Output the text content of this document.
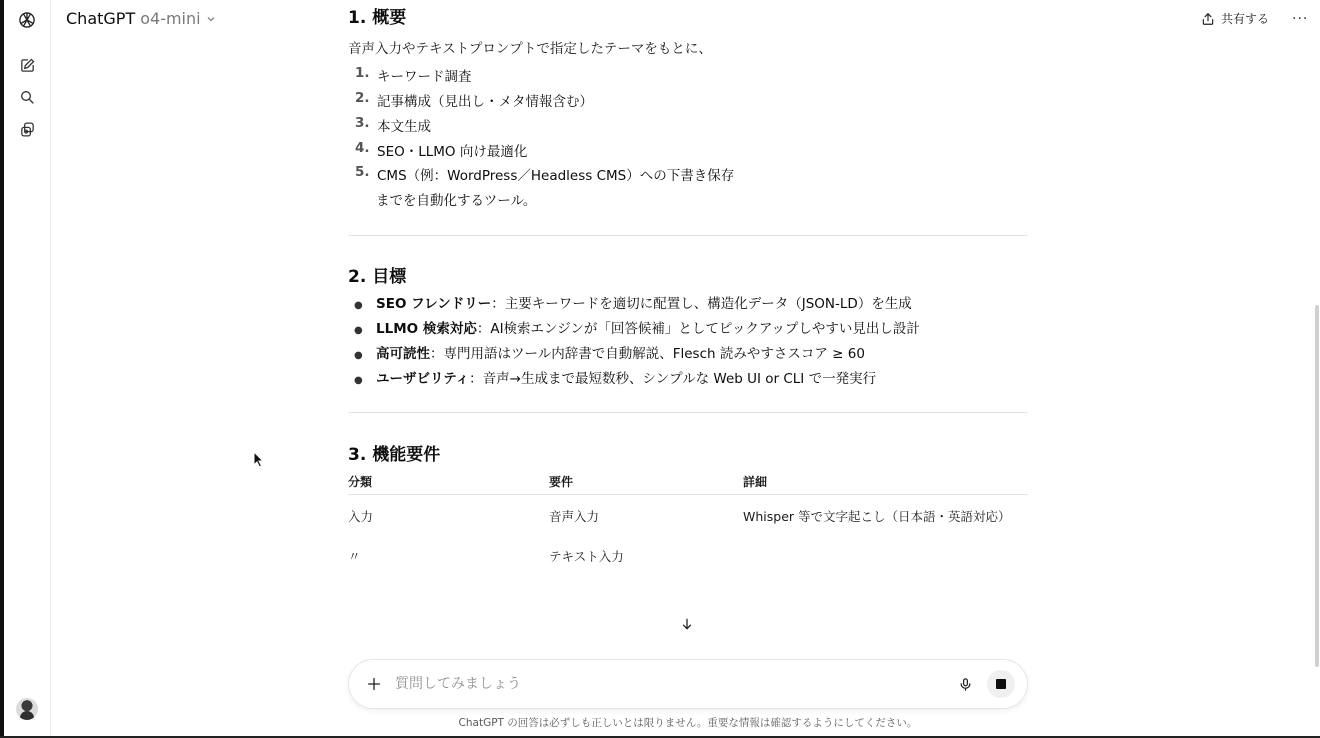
ChatGPT o4-mini	共有する ···
1. 概要

音声入力やテキストプロンプトで指定したテーマをもとに、

1. キーワード調査
2. 記事構成（見出し・メタ情報含む）
3. 本文生成
4. SEO・LLMO 向け最適化
5. CMS（例：WordPress／Headless CMS）への下書き保存

までを自動化するツール。

2. 目標
● SEO フレンドリー ：主要キーワードを適切に配置し、構造化データ（JSON-LD）を生成
● LLMO 検索対応 ：AI検索エンジンが「回答候補」としてピックアップしやすい見出し設計
● 高可読性 ：専門用語はツール内辞書で自動解説、Flesch 読みやすさスコア ≥ 60
● ユーザビリティ ：音声→生成まで最短数秒、シンプルな Web UI or CLI で一発実行
3. 機能要件
分類	要件	詳細
入力	音声入力	Whisper 等で文字起こし（日本語・英語対応）
〃	テキスト入力
質問してみましょう
ChatGPT の回答は必ずしも正しいとは限りません。重要な情報は確認するようにしてください。
